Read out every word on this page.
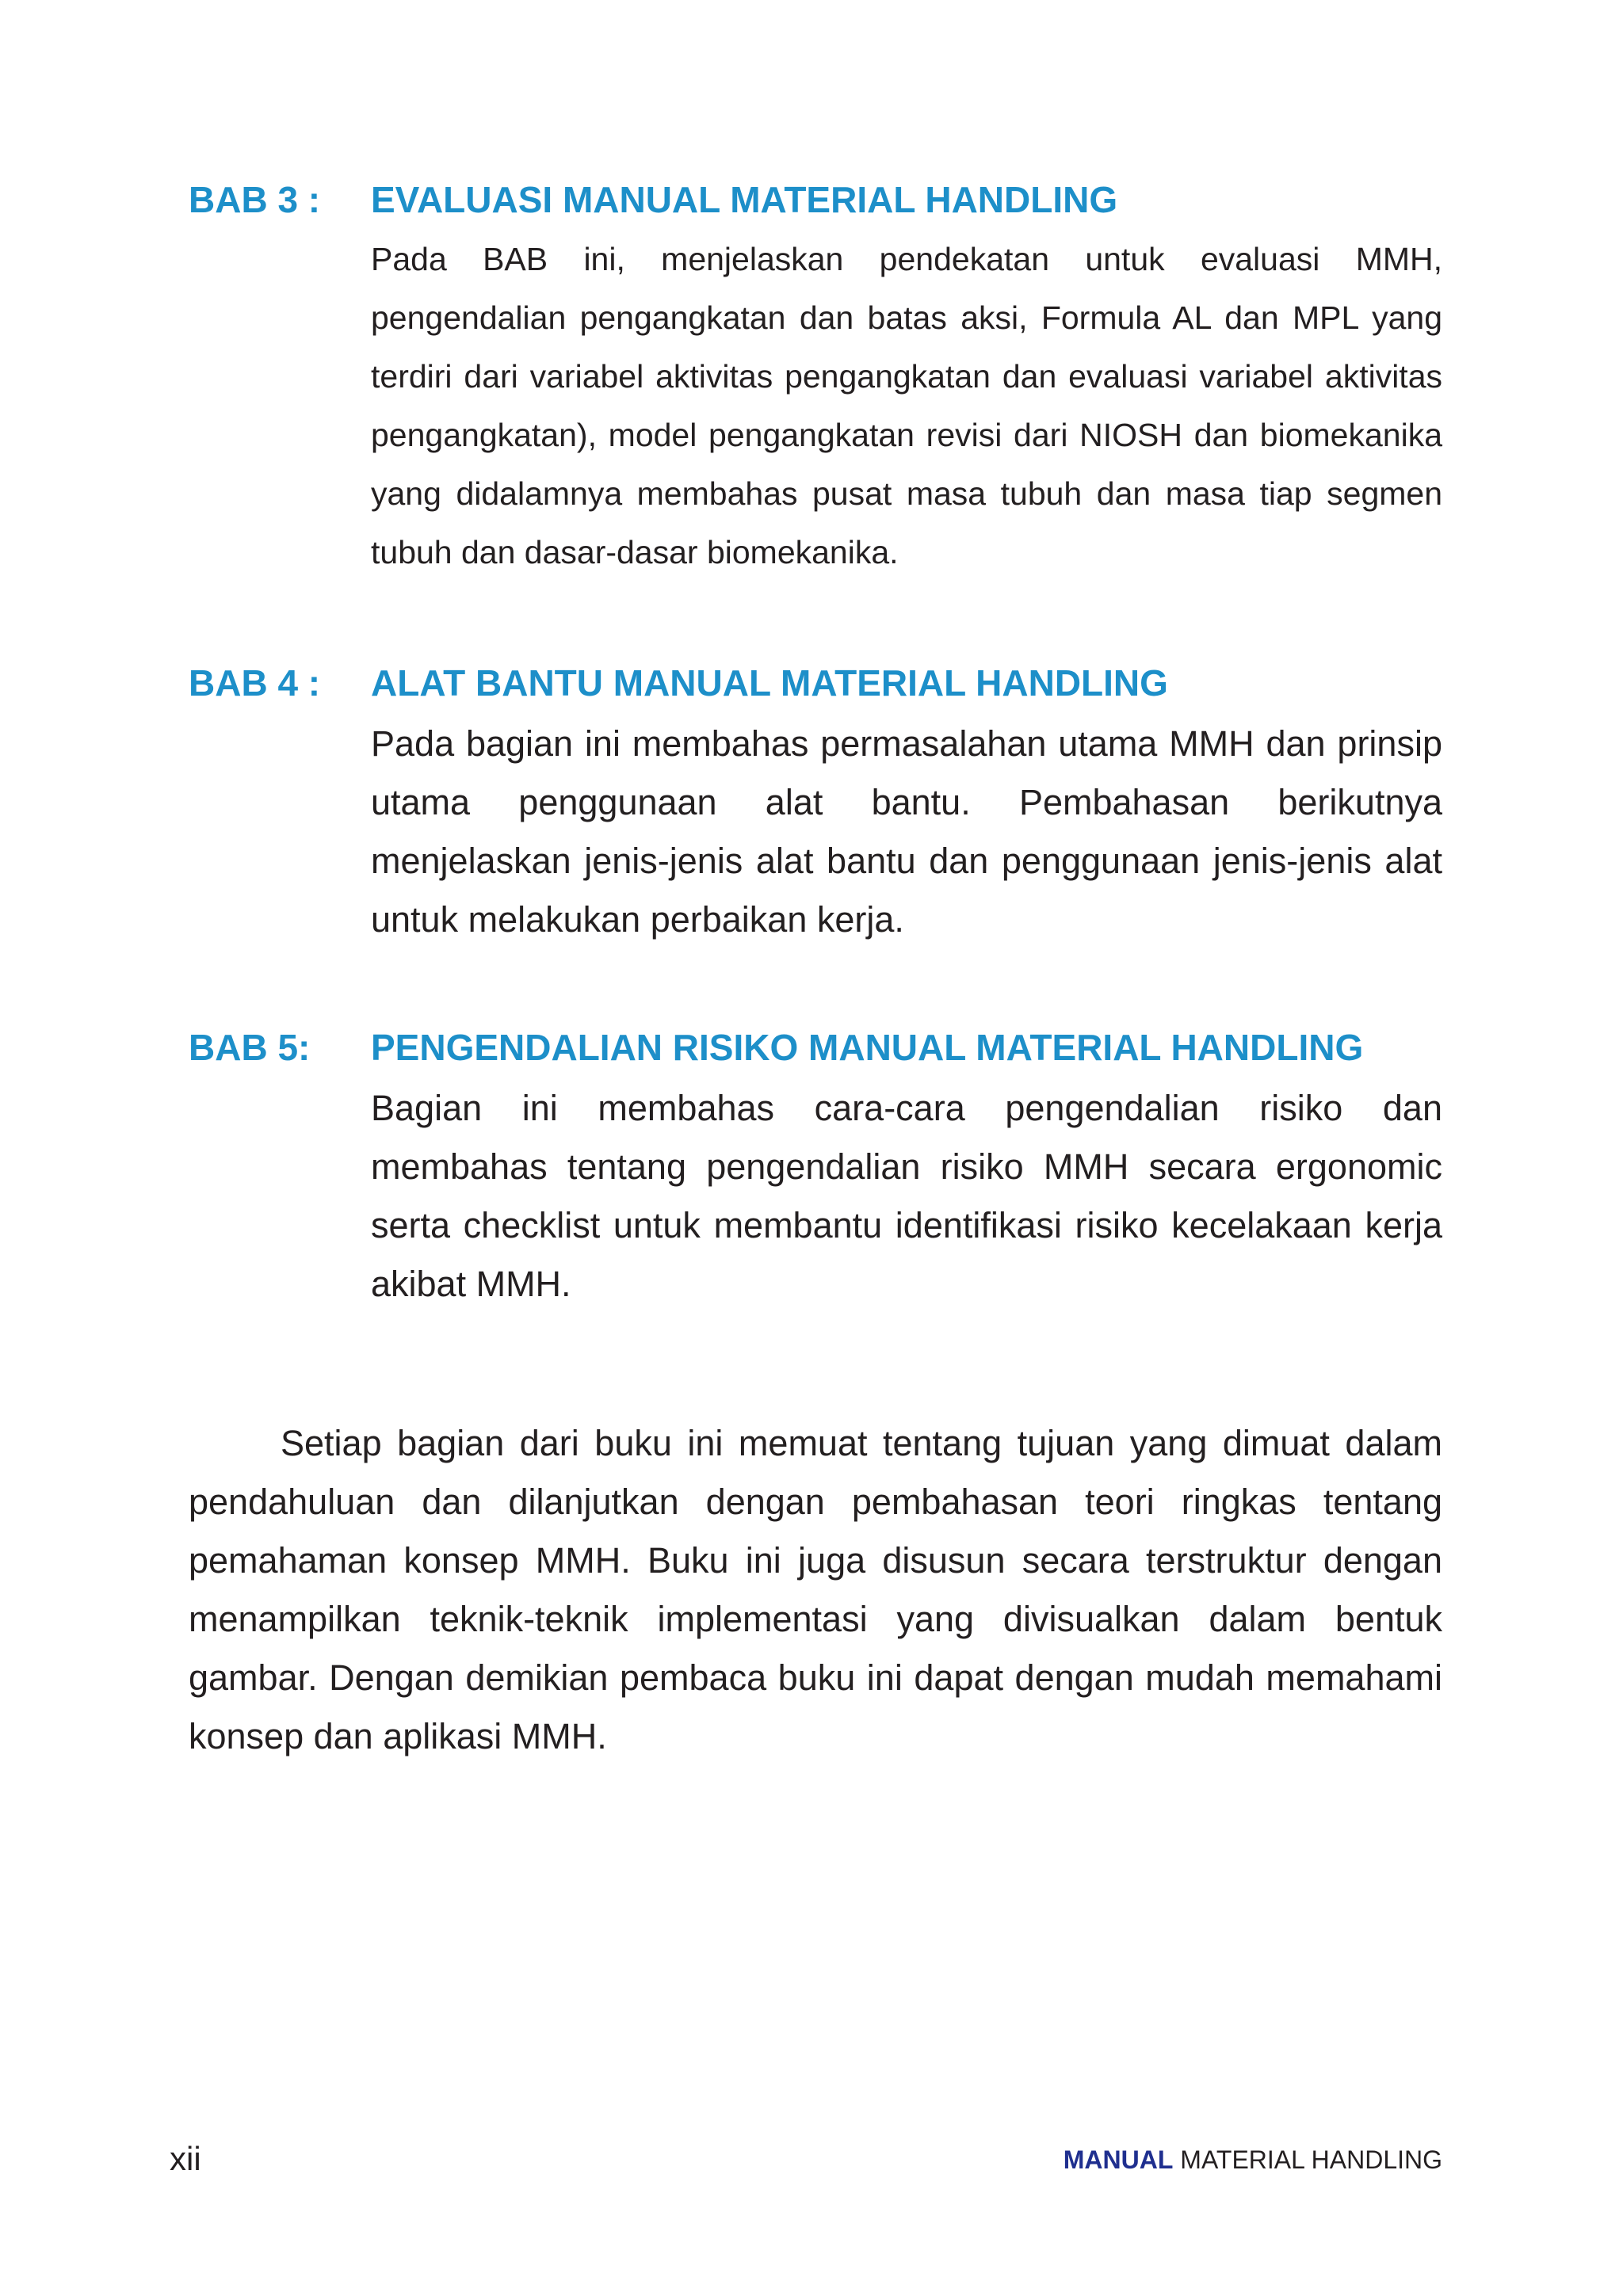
BAB 3 : EVALUASI MANUAL MATERIAL HANDLING

Pada BAB ini, menjelaskan pendekatan untuk evaluasi MMH, pengendalian pengangkatan dan batas aksi, Formula AL dan MPL yang terdiri dari variabel aktivitas pengangkatan dan evaluasi variabel aktivitas pengangkatan), model pengangkatan revisi dari NIOSH dan biomekanika yang didalamnya membahas pusat masa tubuh dan masa tiap segmen tubuh dan dasar-dasar biomekanika.

BAB 4 : ALAT BANTU MANUAL MATERIAL HANDLING

Pada bagian ini membahas permasalahan utama MMH dan prinsip utama penggunaan alat bantu. Pembahasan berikutnya menjelaskan jenis-jenis alat bantu dan penggunaan jenis-jenis alat untuk melakukan perbaikan kerja.

BAB 5: PENGENDALIAN RISIKO MANUAL MATERIAL HANDLING

Bagian ini membahas cara-cara pengendalian risiko dan membahas tentang pengendalian risiko MMH secara ergonomic serta checklist untuk membantu identifikasi risiko kecelakaan kerja akibat MMH.

Setiap bagian dari buku ini memuat tentang tujuan yang dimuat dalam pendahuluan dan dilanjutkan dengan pembahasan teori ringkas tentang pemahaman konsep MMH. Buku ini juga disusun secara terstruktur dengan menampilkan teknik-teknik implementasi yang divisualkan dalam bentuk gambar. Dengan demikian pembaca buku ini dapat dengan mudah memahami konsep dan aplikasi MMH.

xii	MANUAL MATERIAL HANDLING
